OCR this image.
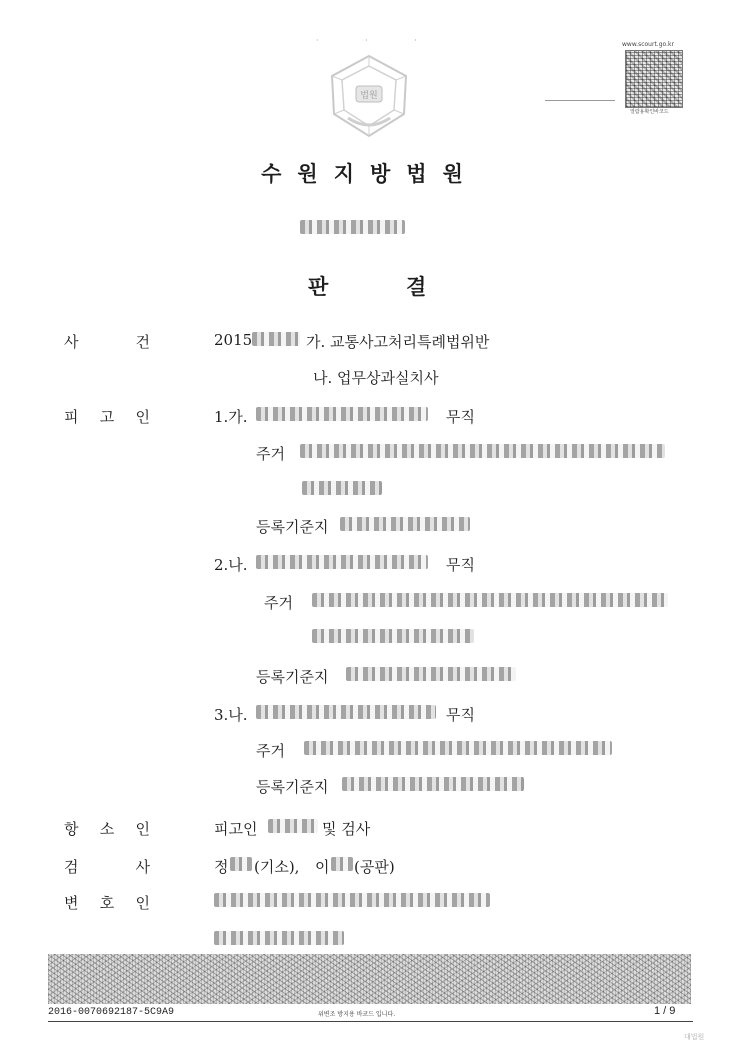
· · ·
법원
www.scourt.go.kr
열람용확인바코드
수원지방법원
판	결
사	건	2015	가. 교통사고처리특례법위반
나. 업무상과실치사
피 고 인	1.가.	무직
주거
등록기준지
2.나.	무직
주거
등록기준지
3.나.	무직
주거
등록기준지
항 소 인	피고인	및 검사
검	사	정 (기소), 이 (공판)
변 호 인
2016-0070692187-5C9A9	위변조 방지용 바코드 입니다.	1 / 9
대법원
